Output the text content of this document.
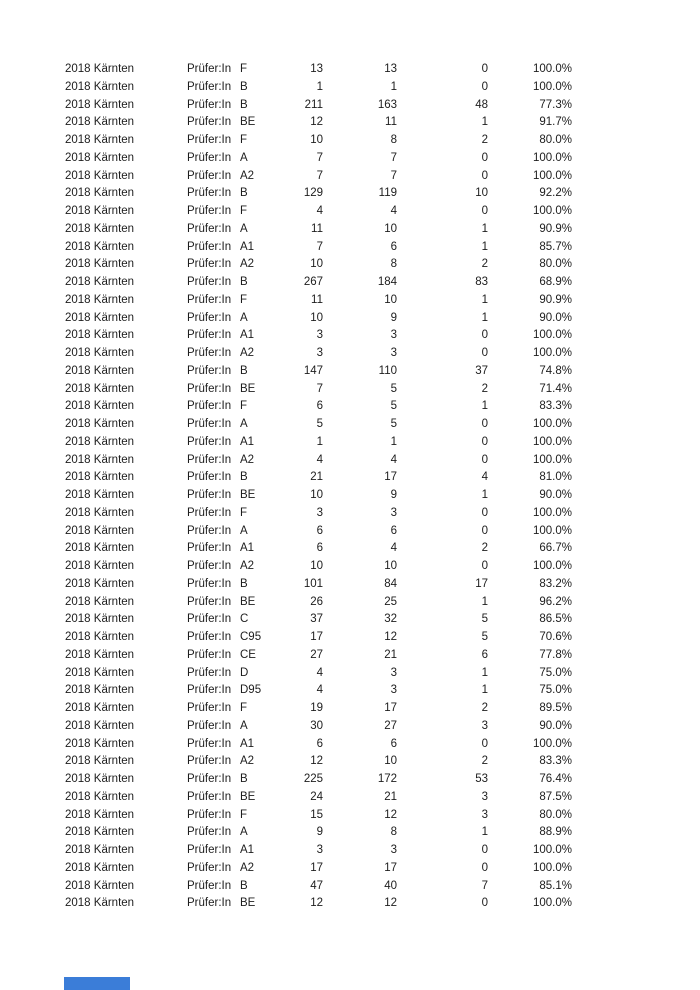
2018 Kärnten	Prüfer:In F	13	13	0	100.0%
2018 Kärnten	Prüfer:In B	1	1	0	100.0%
2018 Kärnten	Prüfer:In B	211	163	48	77.3%
2018 Kärnten	Prüfer:In BE	12	11	1	91.7%
2018 Kärnten	Prüfer:In F	10	8	2	80.0%
2018 Kärnten	Prüfer:In A	7	7	0	100.0%
2018 Kärnten	Prüfer:In A2	7	7	0	100.0%
2018 Kärnten	Prüfer:In B	129	119	10	92.2%
2018 Kärnten	Prüfer:In F	4	4	0	100.0%
2018 Kärnten	Prüfer:In A	11	10	1	90.9%
2018 Kärnten	Prüfer:In A1	7	6	1	85.7%
2018 Kärnten	Prüfer:In A2	10	8	2	80.0%
2018 Kärnten	Prüfer:In B	267	184	83	68.9%
2018 Kärnten	Prüfer:In F	11	10	1	90.9%
2018 Kärnten	Prüfer:In A	10	9	1	90.0%
2018 Kärnten	Prüfer:In A1	3	3	0	100.0%
2018 Kärnten	Prüfer:In A2	3	3	0	100.0%
2018 Kärnten	Prüfer:In B	147	110	37	74.8%
2018 Kärnten	Prüfer:In BE	7	5	2	71.4%
2018 Kärnten	Prüfer:In F	6	5	1	83.3%
2018 Kärnten	Prüfer:In A	5	5	0	100.0%
2018 Kärnten	Prüfer:In A1	1	1	0	100.0%
2018 Kärnten	Prüfer:In A2	4	4	0	100.0%
2018 Kärnten	Prüfer:In B	21	17	4	81.0%
2018 Kärnten	Prüfer:In BE	10	9	1	90.0%
2018 Kärnten	Prüfer:In F	3	3	0	100.0%
2018 Kärnten	Prüfer:In A	6	6	0	100.0%
2018 Kärnten	Prüfer:In A1	6	4	2	66.7%
2018 Kärnten	Prüfer:In A2	10	10	0	100.0%
2018 Kärnten	Prüfer:In B	101	84	17	83.2%
2018 Kärnten	Prüfer:In BE	26	25	1	96.2%
2018 Kärnten	Prüfer:In C	37	32	5	86.5%
2018 Kärnten	Prüfer:In C95	17	12	5	70.6%
2018 Kärnten	Prüfer:In CE	27	21	6	77.8%
2018 Kärnten	Prüfer:In D	4	3	1	75.0%
2018 Kärnten	Prüfer:In D95	4	3	1	75.0%
2018 Kärnten	Prüfer:In F	19	17	2	89.5%
2018 Kärnten	Prüfer:In A	30	27	3	90.0%
2018 Kärnten	Prüfer:In A1	6	6	0	100.0%
2018 Kärnten	Prüfer:In A2	12	10	2	83.3%
2018 Kärnten	Prüfer:In B	225	172	53	76.4%
2018 Kärnten	Prüfer:In BE	24	21	3	87.5%
2018 Kärnten	Prüfer:In F	15	12	3	80.0%
2018 Kärnten	Prüfer:In A	9	8	1	88.9%
2018 Kärnten	Prüfer:In A1	3	3	0	100.0%
2018 Kärnten	Prüfer:In A2	17	17	0	100.0%
2018 Kärnten	Prüfer:In B	47	40	7	85.1%
2018 Kärnten	Prüfer:In BE	12	12	0	100.0%
